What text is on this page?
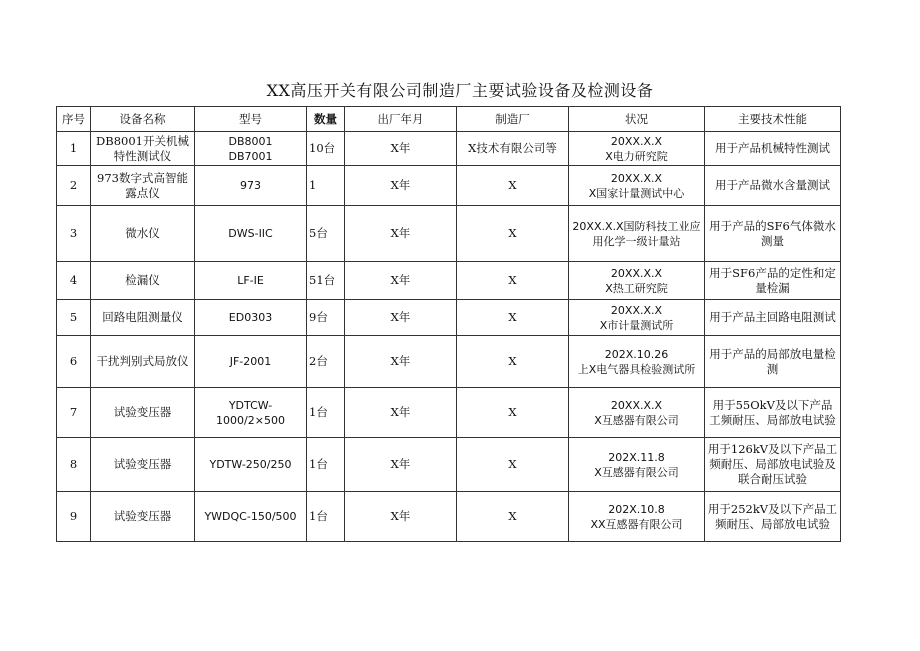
XX高压开关有限公司制造厂主要试验设备及检测设备
序号	设备名称	型号	数量	出厂年月	制造厂	状况	主要技术性能

1	DB8001开关机械特性测试仪	DB8001
DB7001	10台	X年	X技术有限公司等	20XX.X.X
X电力研究院	用于产品机械特性测试

2	973数字式高智能露点仪	973	1	X年	X	20XX.X.X
X国家计量测试中心	用于产品微水含量测试

3	微水仪	DWS-IIC	5台	X年	X	20XX.X.X国防科技工业应
用化学一级计量站	用于产品的SF6气体微水测量

4	检漏仪	LF-IE	51台	X年	X	20XX.X.X
X热工研究院	用于SF6产品的定性和定量检漏

5	回路电阻测量仪	ED0303	9台	X年	X	20XX.X.X
X市计量测试所	用于产品主回路电阻测试

6	干扰判别式局放仪	JF-2001	2台	X年	X	202X.10.26
上X电气器具检验测试所	用于产品的局部放电量检测

7	试验变压器	YDTCW-1000/2×500	1台	X年	X	20XX.X.X
X互感器有限公司	用于55OkV及以下产品工频耐压、局部放电试验

8	试验变压器	YDTW-250/250	1台	X年	X	202X.11.8
X互感器有限公司	用于126kV及以下产品工频耐压、局部放电试验及联合耐压试验

9	试验变压器	YWDQC-150/500	1台	X年	X	202X.10.8
XX互感器有限公司	用于252kV及以下产品工频耐压、局部放电试验
